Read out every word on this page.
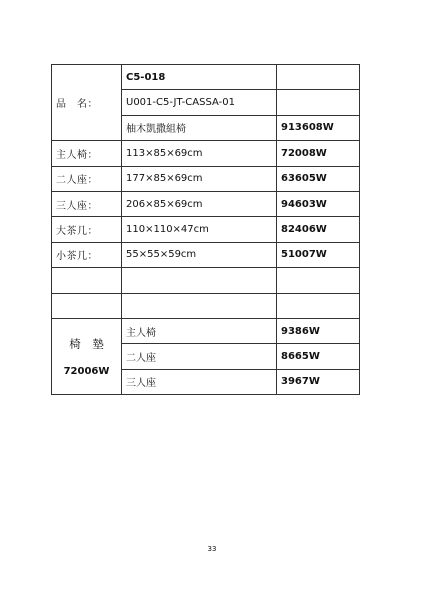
品　名：	C5-018	
	U001-C5-JT-CASSA-01	
	柚木凱撒組椅	913608W
主人椅：	113×85×69cm	72008W
二人座：	177×85×69cm	63605W
三人座：	206×85×69cm	94603W
大茶几：	110×110×47cm	82406W
小茶几：	55×55×59cm	51007W

椅　墊
72006W	主人椅	9386W
	二人座	8665W
	三人座	3967W
33
